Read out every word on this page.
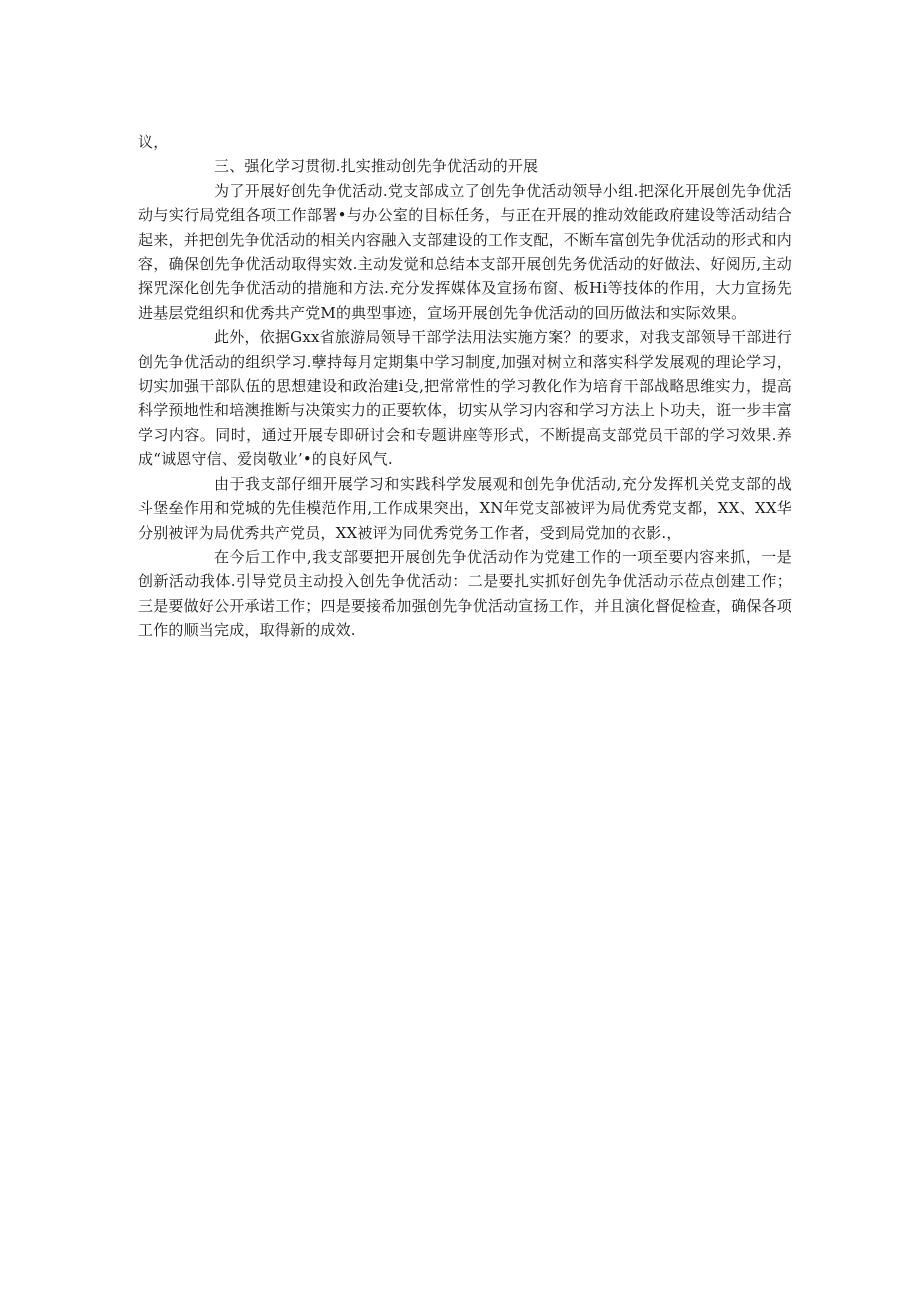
议，

三、强化学习贯彻.扎实推动创先争优活动的开展

为了开展好创先争优活动.党支部成立了创先争优活动领导小组.把深化开展创先争优活动与实行局党组各项工作部署•与办公室的目标任务，与正在开展的推动效能政府建设等活动结合起来，并把创先争优活动的相关内容融入支部建设的工作支配，不断车富创先争优活动的形式和内容，确保创先争优活动取得实效.主动发觉和总结本支部开展创先务优活动的好做法、好阅历,主动探咒深化创先争优活动的措施和方法.充分发挥媒体及宣扬布窗、板Hi等技体的作用，大力宣扬先进基层党组织和优秀共产党M的典型事迹，宣场开展创先争优活动的回历做法和实际效果。

此外，依据Gxx省旅游局领导干部学法用法实施方案？的要求，对我支部领导干部进行创先争优活动的组织学习.孽持每月定期集中学习制度,加强对树立和落实科学发展观的理论学习，切实加强干部队伍的思想建设和政治建i殳,把常常性的学习教化作为培育干部战略思维实力，提高科学预地性和培澳推断与决策实力的正要软体，切实从学习内容和学习方法上卜功夫，诳一步丰富学习内容。同时，通过开展专即研讨会和专题讲座等形式，不断提高支部党员干部的学习效果.养成“诚恩守信、爱岗敬业’•的良好风气.

由于我支部仔细开展学习和实践科学发展观和创先争优活动,充分发挥机关党支部的战斗堡垒作用和党城的先佳模范作用,工作成果突出，XN年党支部被评为局优秀党支都，XX、XX华分别被评为局优秀共产党员，XX被评为同优秀党务工作者，受到局党加的衣影.，

在今后工作中,我支部要把开展创先争优活动作为党建工作的一项至要内容来抓，一是创新活动我体.引导党员主动投入创先争优活动：二是要扎实抓好创先争优活动示莅点创建工作；三是要做好公开承诺工作；四是要接希加强创先争优活动宣扬工作，并且演化督促检查，确保各项工作的顺当完成，取得新的成效.
